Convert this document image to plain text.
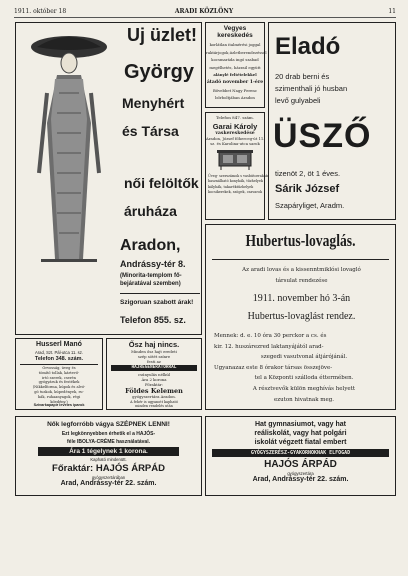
1911. október 18	ARADI KÖZLÖNY	11
Uj üzlet!
György
Menyhért
és Társa
női felöltők
áruháza
Aradon,
Andrássy-tér 8.
(Minorita-templom fő-
bejáratával szemben)
Szigoruan szabott árak!
Telefon 855. sz.
Vegyes kereskedés
korlátlan italmérési joggal
raktárjogok,üzletberendezéssel
kocsmaráda ingó szabad
megélhetés, házrail együtt
alánylé feltételekkel
átadó november 1-ére
Bővebbet Nagy Ferenc
bőrboltjában Aradon
Telefon 847. szám.
Garai Károly
vaskereskedése
Aradon, József főherceg-út 11.
sz. és Karolina-utca sarok
Üveg- szerszámok s vasbútorraktár
használható konyhák, tűzhelyek
kályhák, takaréktűzhelyek
kocsikerekek, szögek, csavarok
Eladó
20 drab berni és
szimenthali jó husban
levő gulyabeli
ÜSZŐ
tizenöt 2, öt 1 éves.
Sárik József
Szapáryliget, Aradm.
Hubertus-lovaglás.
Az aradi lovas és a kissenntmiklósi lovagló
társulat rendezése
1911. november hó 3-án
Hubertus-lovaglást rendez.
Mennek: d. e. 10 óra 30 perckor a cs. és
kir. 12. huszárezred laktanyájától arad-
szegedi vasutvonal átjárójánál.
Ugyanazaz este 8 órakor társas összejöve-
tel a Központi szálloda éttermében.
A résztvevők külön meghívás helyett
ezuton hivatnak meg.
Husserl Manó
Arad, Szt. Pál-utca 11. sz.
Telefon 348. szám.
Orvosság, üveg és
tömítő tollak, kártevő-
irtó szerek, cserén
gyógyáruk és festékek
(Nikkelforma, kúpok és alvó-
gó tuskok, kúpedények, ru-
hák, ruhaanyagok, régi
kőedény.)
Szivarkapapír leveles iparok
Ősz haj nincs.
Minden ősz hajt eredeti
szép sötét színre
festi az
HAJREGENERATORRAL
csúnyulás nélkül
Ára 2 korona
Főraktár:
Földes Kelemen
gyógyszertára Aradon.
A fehér is ugyanott kapható
minden rendelés után
Nők legforróbb vágya SZÉPNEK LENNI!
Ezt legkönnyebben érhetik el a HAJÓS-
féle IBOLYA-CRÉME használatával.
Ára 1 tégelynek 1 korona.
Kapható mindenütt.
Főraktár: HAJÓS ÁRPÁD
gyógyszertárában
Arad, Andrássy-tér 22. szám.
Hat gymnasiumot, vagy hat
reáliskolát, vagy hat polgári
iskolát végzett fiatal embert
GYÓGYSZERÉSZ-GYAKORNOKNAK ELFOGAD
HAJÓS ÁRPÁD
gyógyszertára
Arad, Andrássy-tér 22. szám.
